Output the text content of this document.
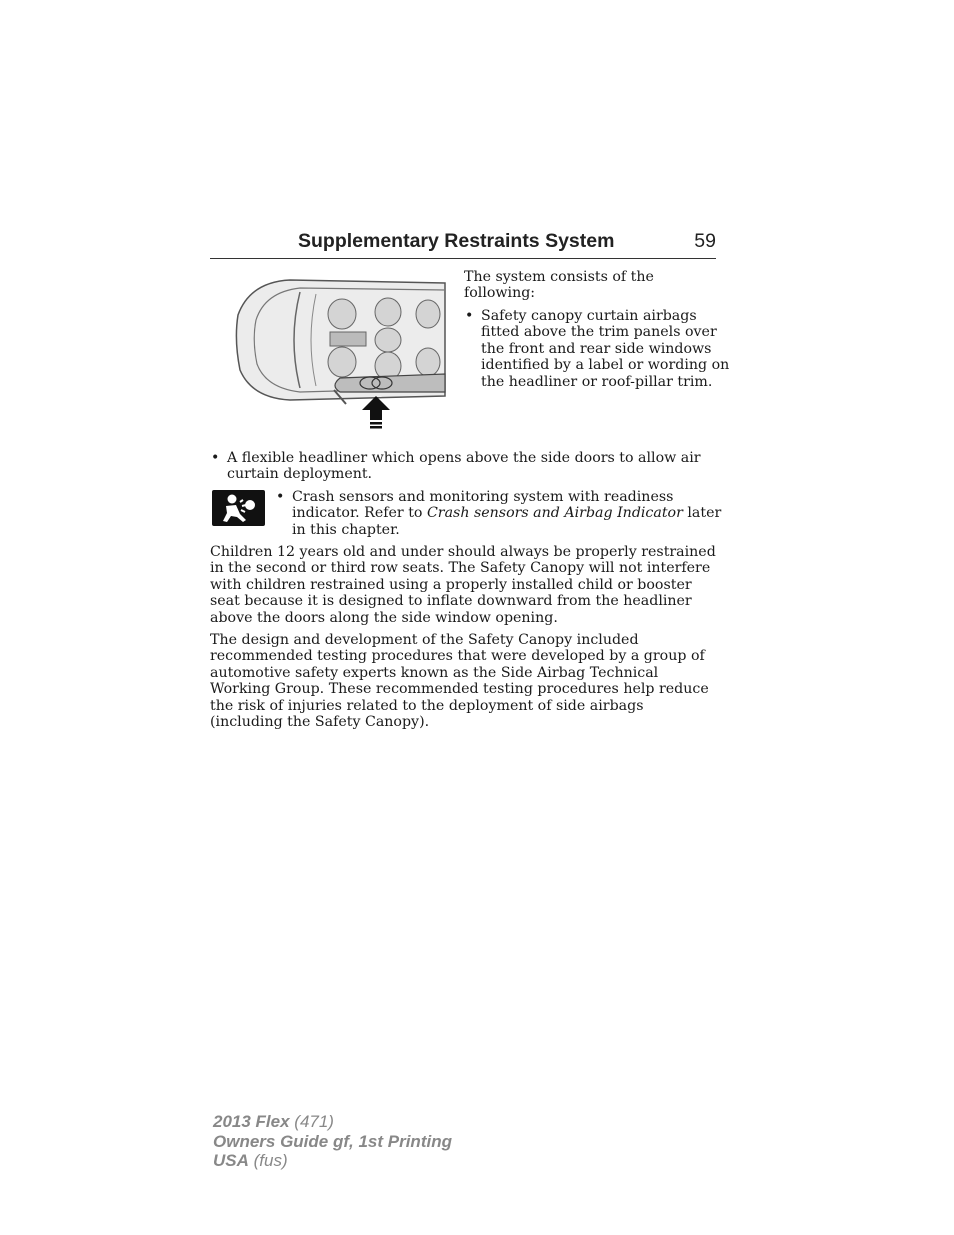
Supplementary Restraints System	59
The system consists of the following:
• Safety canopy curtain airbags fitted above the trim panels over the front and rear side windows identified by a label or wording on the headliner or roof-pillar trim.
• A flexible headliner which opens above the side doors to allow air curtain deployment.
• Crash sensors and monitoring system with readiness indicator. Refer to Crash sensors and Airbag Indicator later in this chapter.

Children 12 years old and under should always be properly restrained in the second or third row seats. The Safety Canopy will not interfere with children restrained using a properly installed child or booster seat because it is designed to inflate downward from the headliner above the doors along the side window opening.

The design and development of the Safety Canopy included recommended testing procedures that were developed by a group of automotive safety experts known as the Side Airbag Technical Working Group. These recommended testing procedures help reduce the risk of injuries related to the deployment of side airbags (including the Safety Canopy).

2013 Flex (471)
Owners Guide gf, 1st Printing
USA (fus)
